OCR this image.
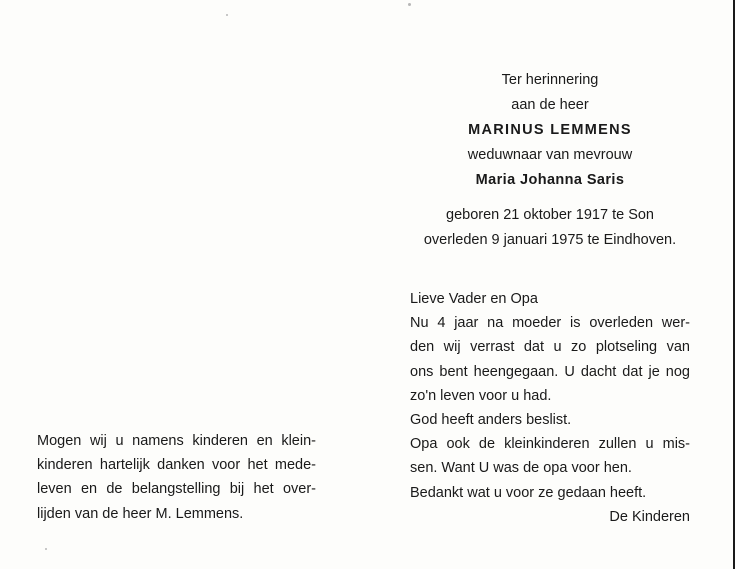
Ter herinnering
aan de heer
MARINUS LEMMENS
weduwnaar van mevrouw
Maria Johanna Saris
geboren 21 oktober 1917 te Son
overleden 9 januari 1975 te Eindhoven.
Lieve Vader en Opa
Nu 4 jaar na moeder is overleden wer-
den wij verrast dat u zo plotseling van
ons bent heengegaan. U dacht dat je nog
zo'n leven voor u had.
God heeft anders beslist.
Opa ook de kleinkinderen zullen u mis-
sen. Want U was de opa voor hen.
Bedankt wat u voor ze gedaan heeft.
De Kinderen
Mogen wij u namens kinderen en klein-
kinderen hartelijk danken voor het mede-
leven en de belangstelling bij het over-
lijden van de heer M. Lemmens.
